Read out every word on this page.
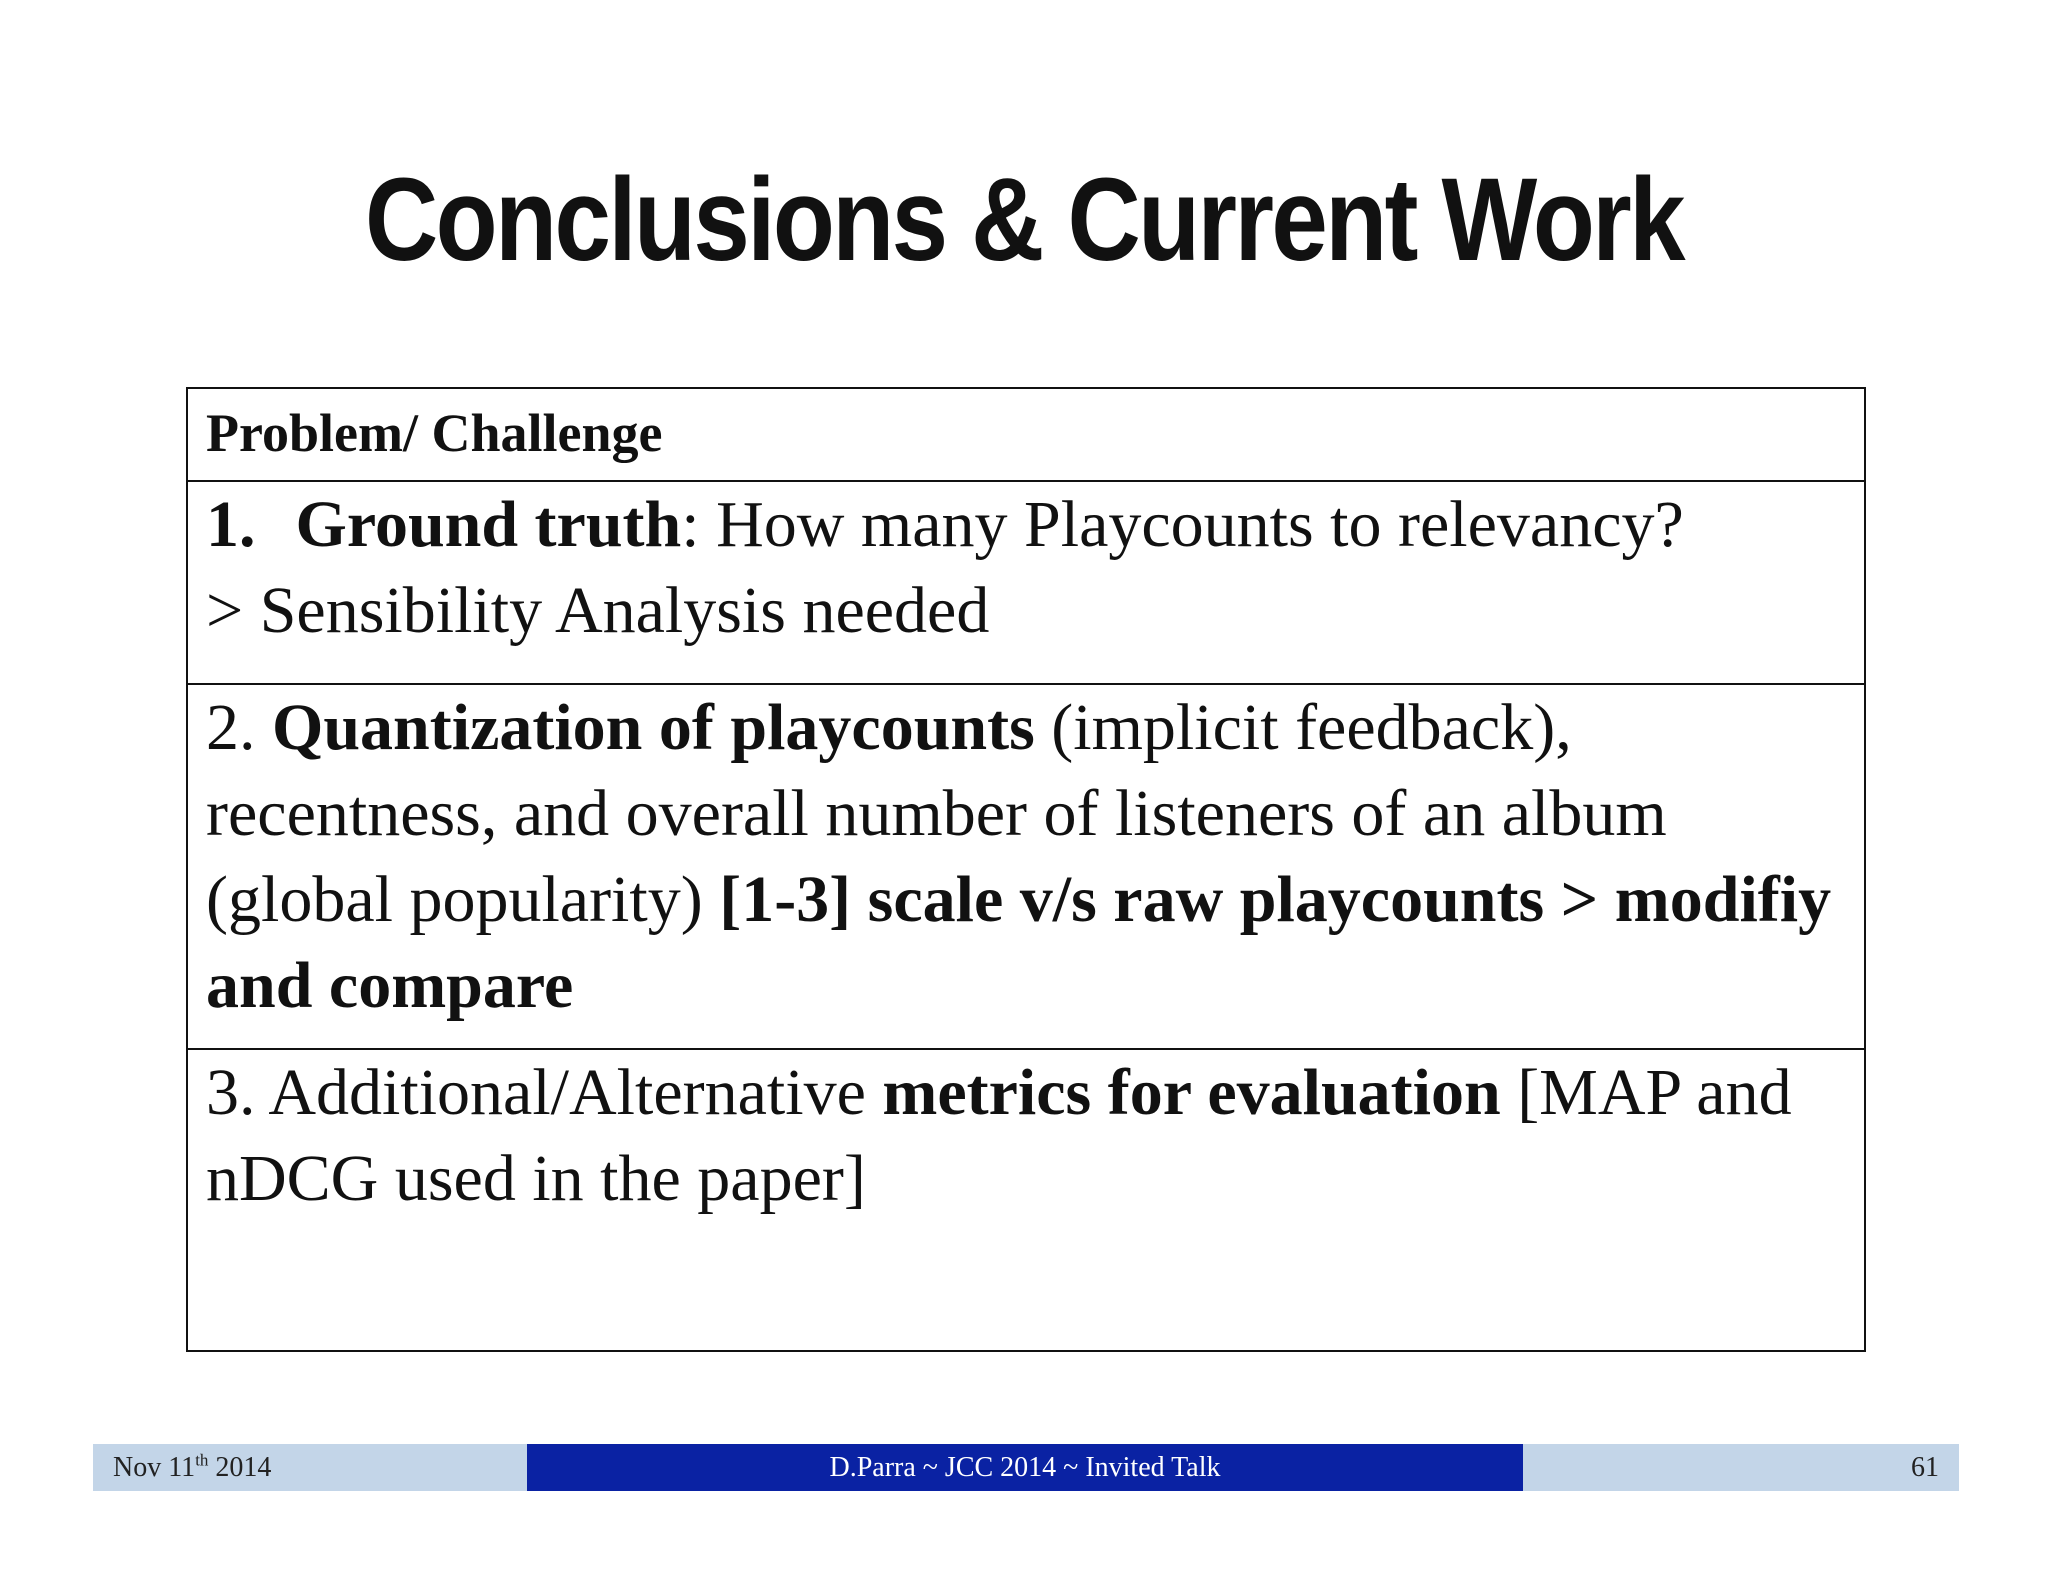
Conclusions & Current Work
Problem/ Challenge
1. Ground truth: How many Playcounts to relevancy?
> Sensibility Analysis needed
2. Quantization of playcounts (implicit feedback), recentness, and overall number of listeners of an album (global popularity) [1-3] scale v/s raw playcounts > modifiy and compare
3. Additional/Alternative metrics for evaluation [MAP and nDCG used in the paper]
Nov 11th 2014	D.Parra ~ JCC 2014 ~ Invited Talk	61
